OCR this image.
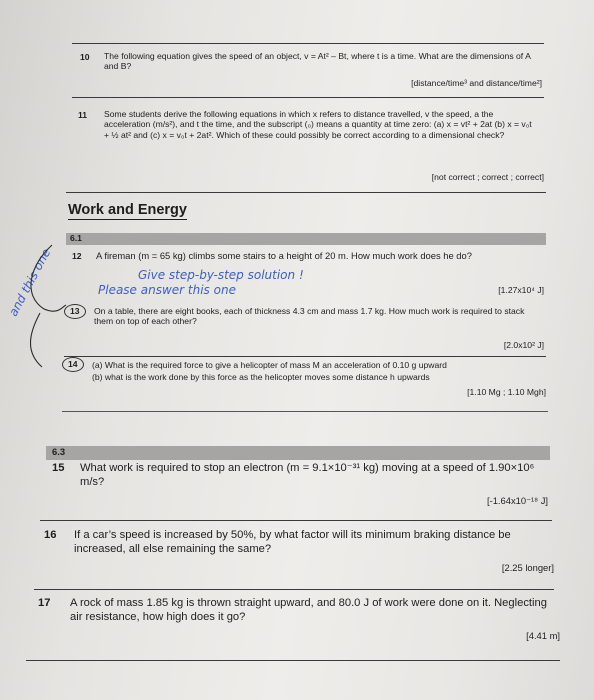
10 The following equation gives the speed of an object, v = At² – Bt, where t is a time. What are the dimensions of A and B?
[distance/time³ and distance/time²]
11 Some students derive the following equations in which x refers to distance travelled, v the speed, a the acceleration (m/s²), and t the time, and the subscript (₀) means a quantity at time zero: (a) x = vt² + 2at (b) x = v₀t + ½ at² and (c) x = v₀t + 2at². Which of these could possibly be correct according to a dimensional check?
[not correct ; correct ; correct]
Work and Energy
6.1
12 A fireman (m = 65 kg) climbs some stairs to a height of 20 m. How much work does he do?
Give step-by-step solution !
Please answer this one	[1.27x10⁴ J]
and this one 13 On a table, there are eight books, each of thickness 4.3 cm and mass 1.7 kg. How much work is required to stack them on top of each other?
[2.0x10² J]
14 (a) What is the required force to give a helicopter of mass M an acceleration of 0.10 g upward
(b) what is the work done by this force as the helicopter moves some distance h upwards
[1.10 Mg ; 1.10 Mgh]
6.3
15 What work is required to stop an electron (m = 9.1×10⁻³¹ kg) moving at a speed of 1.90×10⁶ m/s?
[-1.64x10⁻¹⁸ J]
16 If a car’s speed is increased by 50%, by what factor will its minimum braking distance be increased, all else remaining the same?
[2.25 longer]
17 A rock of mass 1.85 kg is thrown straight upward, and 80.0 J of work were done on it. Neglecting air resistance, how high does it go?
[4.41 m]
